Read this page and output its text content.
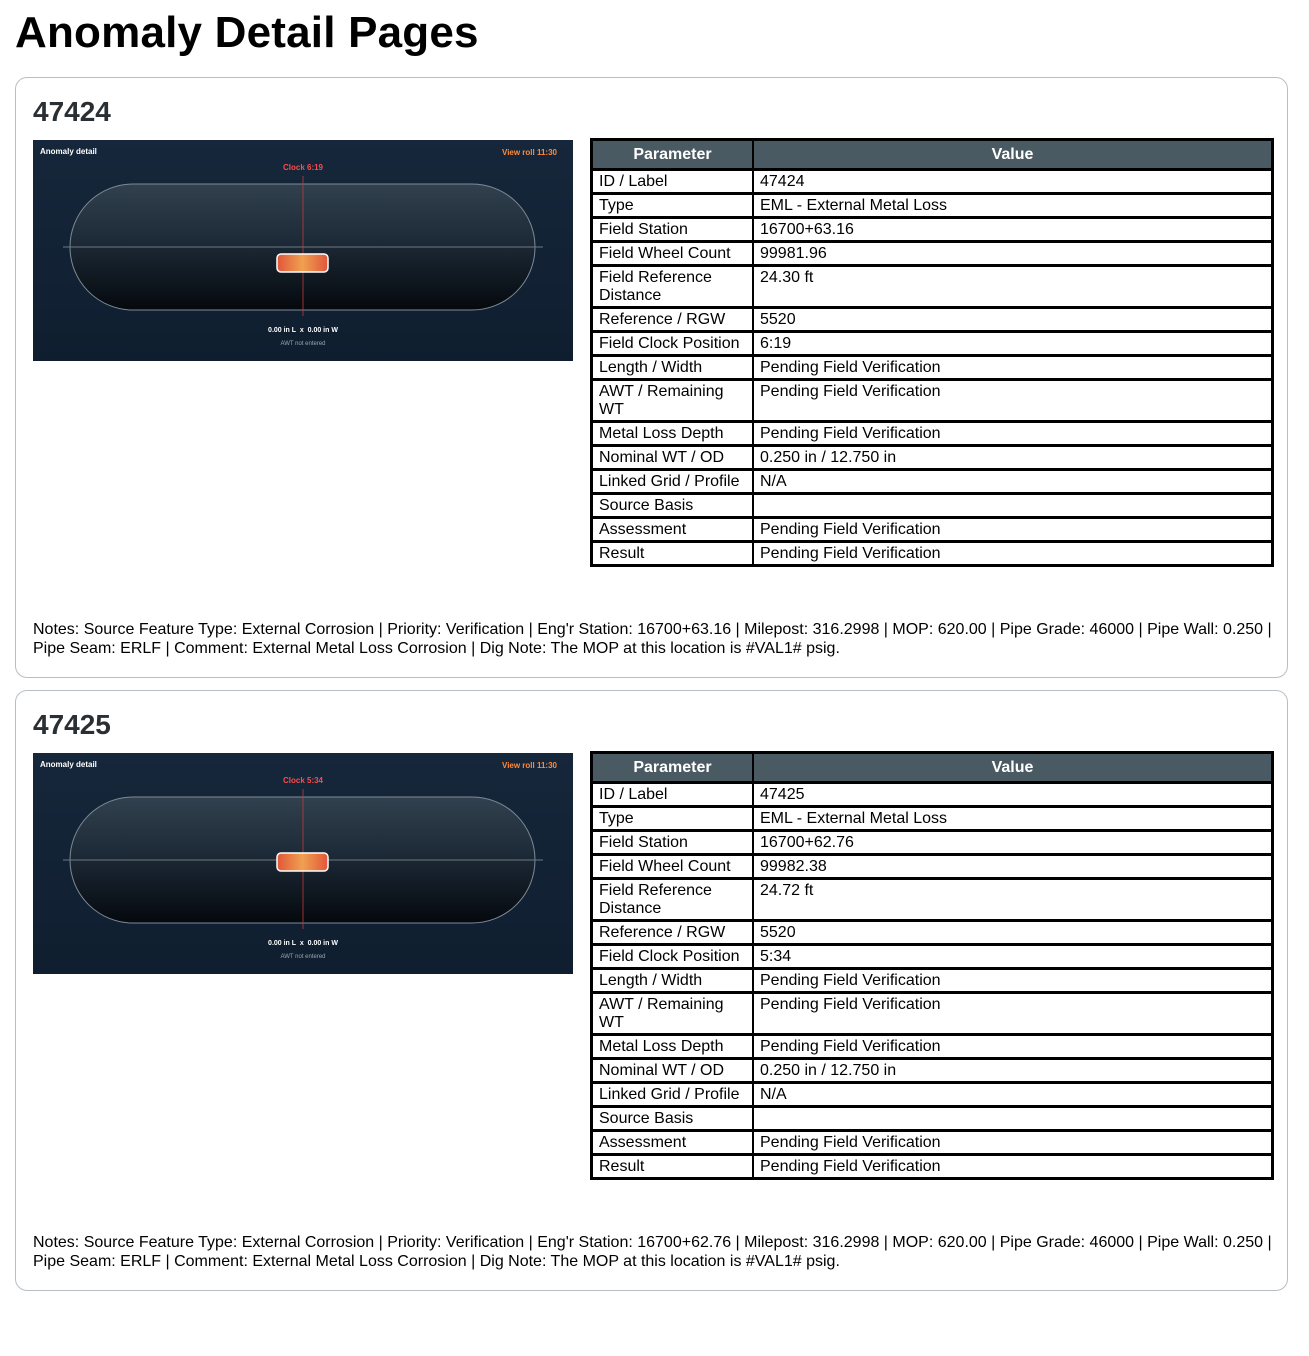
Anomaly Detail Pages
47424
Anomaly detail	View roll 11:30
Clock 6:19
0.00 in L  x  0.00 in W
AWT not entered
Parameter	Value
ID / Label	47424
Type	EML - External Metal Loss
Field Station	16700+63.16
Field Wheel Count	99981.96
Field Reference Distance	24.30 ft
Reference / RGW	5520
Field Clock Position	6:19
Length / Width	Pending Field Verification
AWT / Remaining WT	Pending Field Verification
Metal Loss Depth	Pending Field Verification
Nominal WT / OD	0.250 in / 12.750 in
Linked Grid / Profile	N/A
Source Basis	
Assessment	Pending Field Verification
Result	Pending Field Verification
Notes: Source Feature Type: External Corrosion | Priority: Verification | Eng'r Station: 16700+63.16 | Milepost: 316.2998 | MOP: 620.00 | Pipe Grade: 46000 | Pipe Wall: 0.250 | Pipe Seam: ERLF | Comment: External Metal Loss Corrosion | Dig Note: The MOP at this location is #VAL1# psig.
47425
Anomaly detail	View roll 11:30
Clock 5:34
0.00 in L  x  0.00 in W
AWT not entered
Parameter	Value
ID / Label	47425
Type	EML - External Metal Loss
Field Station	16700+62.76
Field Wheel Count	99982.38
Field Reference Distance	24.72 ft
Reference / RGW	5520
Field Clock Position	5:34
Length / Width	Pending Field Verification
AWT / Remaining WT	Pending Field Verification
Metal Loss Depth	Pending Field Verification
Nominal WT / OD	0.250 in / 12.750 in
Linked Grid / Profile	N/A
Source Basis	
Assessment	Pending Field Verification
Result	Pending Field Verification
Notes: Source Feature Type: External Corrosion | Priority: Verification | Eng'r Station: 16700+62.76 | Milepost: 316.2998 | MOP: 620.00 | Pipe Grade: 46000 | Pipe Wall: 0.250 | Pipe Seam: ERLF | Comment: External Metal Loss Corrosion | Dig Note: The MOP at this location is #VAL1# psig.
